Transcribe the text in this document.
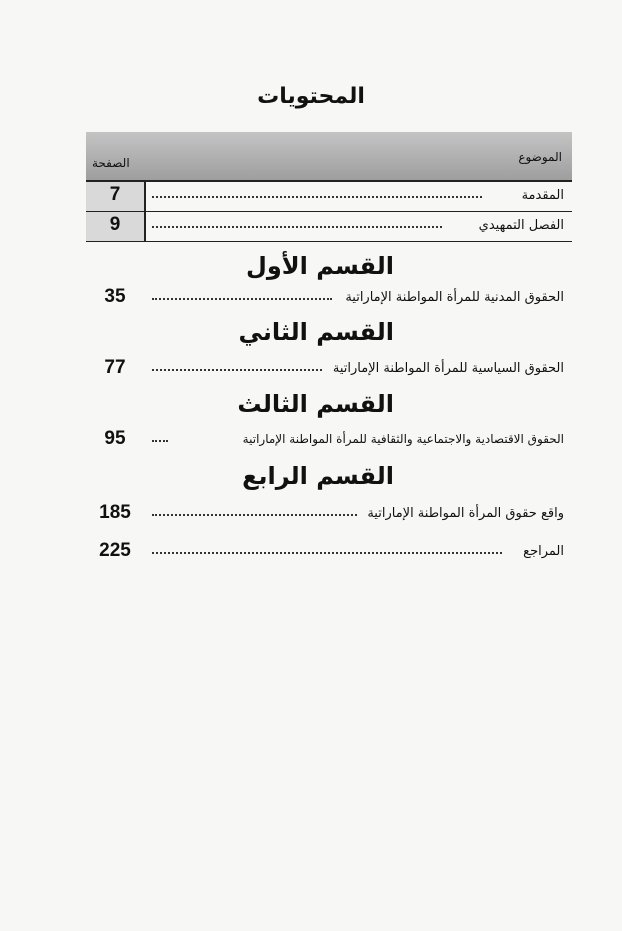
المحتويات
الموضوع
الصفحة
المقدمة
7
الفصل التمهيدي
9
القسم الأول
الحقوق المدنية للمرأة المواطنة الإماراتية
35
القسم الثاني
الحقوق السياسية للمرأة المواطنة الإماراتية
77
القسم الثالث
الحقوق الاقتصادية والاجتماعية والثقافية للمرأة المواطنة الإماراتية
95
القسم الرابع
واقع حقوق المرأة المواطنة الإماراتية
185
المراجع
225
